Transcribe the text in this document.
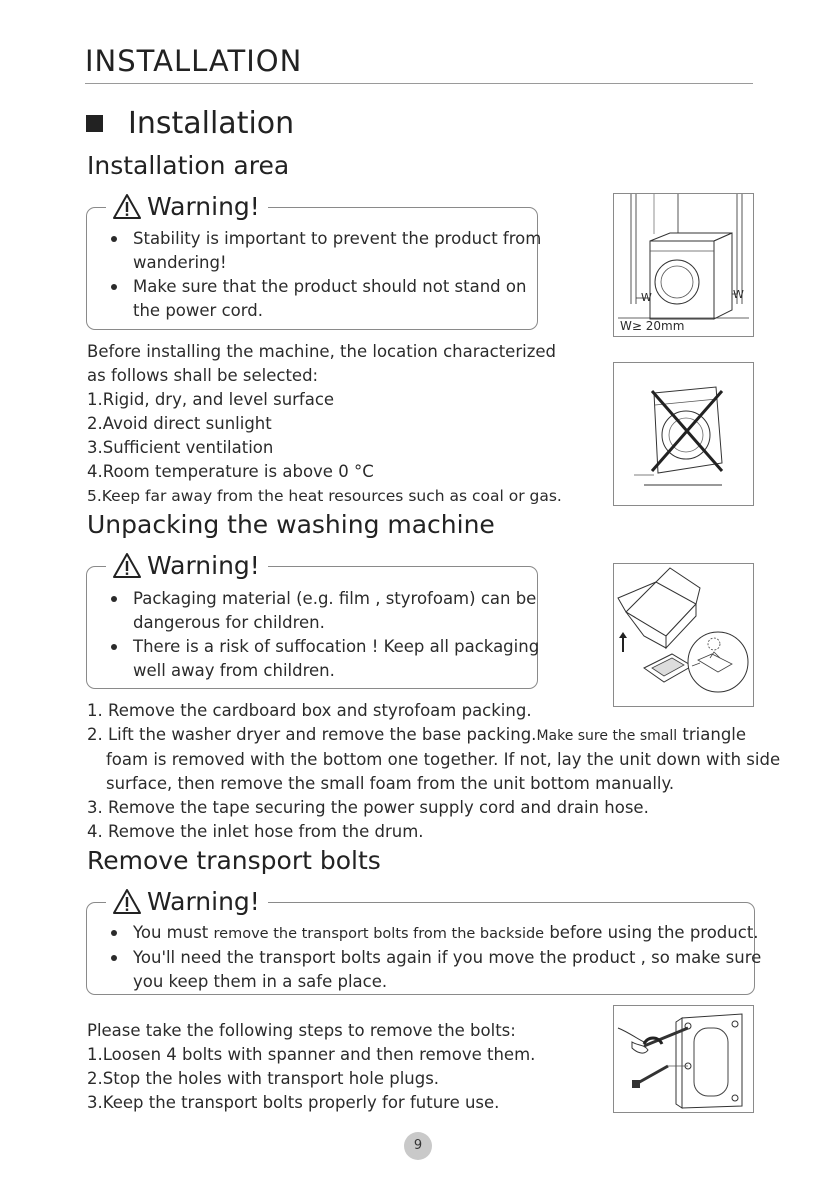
INSTALLATION
Installation
Installation area
Warning!
Stability is important to prevent the product from
wandering!
Make sure that the product should not stand on
the power cord.
Before installing the machine, the location characterized
as follows shall be selected:
1.Rigid, dry, and level surface
2.Avoid direct sunlight
3.Sufficient ventilation
4.Room temperature is above 0 °C
5.Keep far away from the heat resources such as coal or gas.
W	W
W≥ 20mm
Unpacking the washing machine
Warning!
Packaging material (e.g. film , styrofoam) can be
dangerous for children.
There is a risk of suffocation ! Keep all packaging
well away from children.
1. Remove the cardboard box and styrofoam packing.
2. Lift the washer dryer and remove the base packing.Make sure the small triangle
foam is removed with the bottom one together. If not, lay the unit down with side
surface, then remove the small foam from the unit bottom manually.
3. Remove the tape securing the power supply cord and drain hose.
4. Remove the inlet hose from the drum.
Remove transport bolts
Warning!
You must remove the transport bolts from the backside before using the product.
You'll need the transport bolts again if you move the product , so make sure
you keep them in a safe place.
Please take the following steps to remove the bolts:
1.Loosen 4 bolts with spanner and then remove them.
2.Stop the holes with transport hole plugs.
3.Keep the transport bolts properly for future use.
9
